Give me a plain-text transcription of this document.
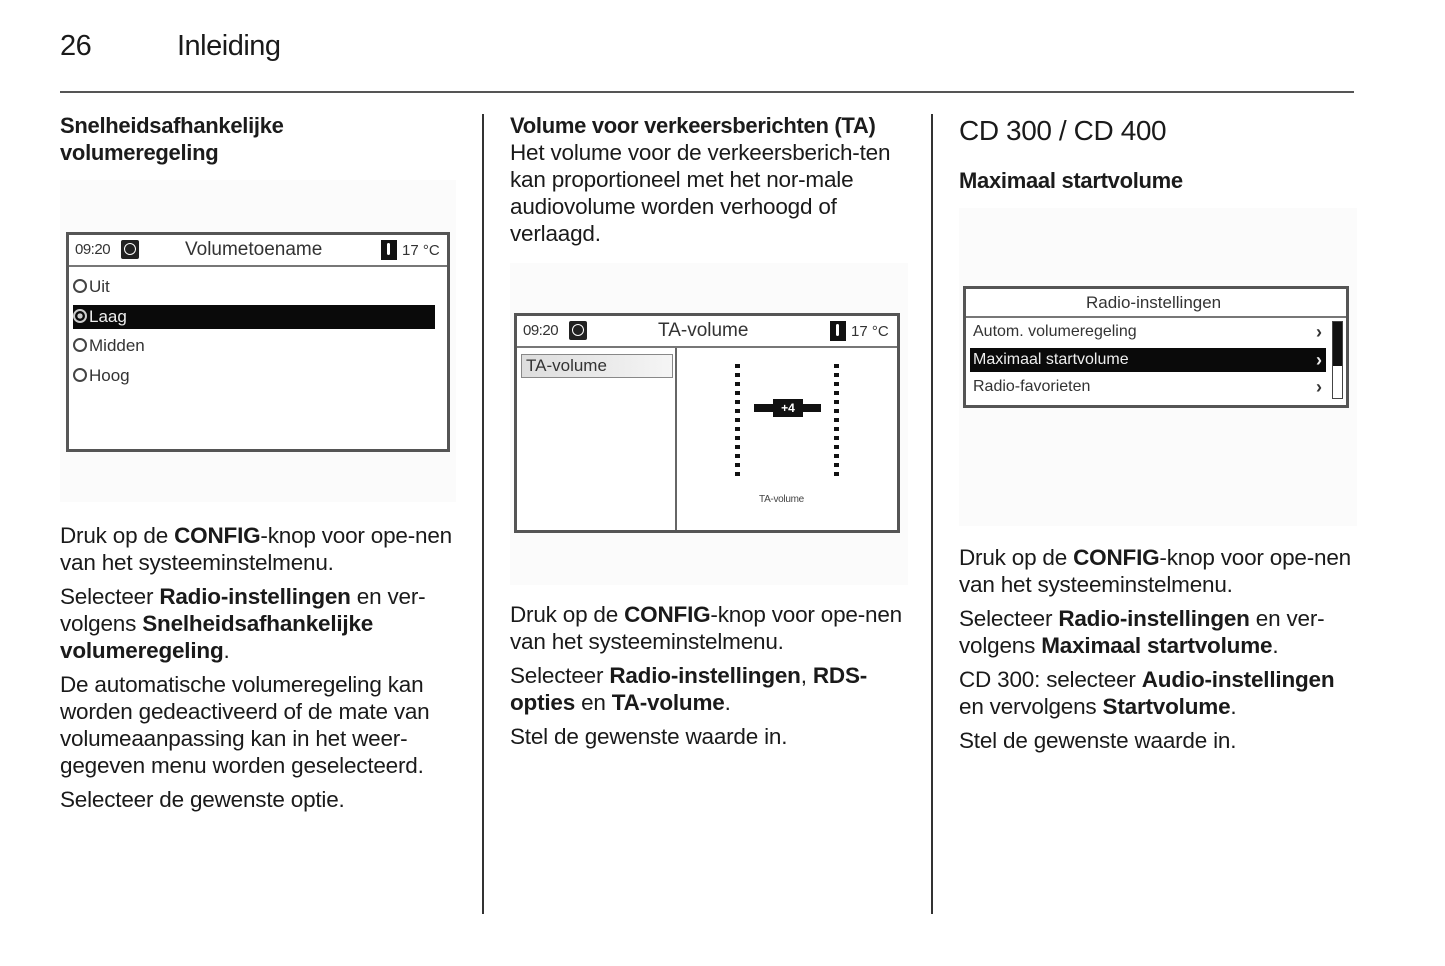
26	Inleiding
Snelheidsafhankelijke
volumeregeling
09:20	Volumetoename	17 °C
Uit
Laag
Midden
Hoog

Druk op de CONFIG-knop voor ope-nen van het systeeminstelmenu.

Selecteer Radio-instellingen en ver-volgens Snelheidsafhankelijke volumeregeling.

De automatische volumeregeling kan worden gedeactiveerd of de mate van volumeaanpassing kan in het weer-gegeven menu worden geselecteerd.

Selecteer de gewenste optie.

Volume voor verkeersberichten (TA)

Het volume voor de verkeersberich-ten kan proportioneel met het nor-male audiovolume worden verhoogd of verlaagd.

09:20	TA-volume	17 °C
TA-volume
+4
TA-volume

Druk op de CONFIG-knop voor ope-nen van het systeeminstelmenu.

Selecteer Radio-instellingen, RDS-opties en TA-volume.

Stel de gewenste waarde in.

CD 300 / CD 400
Maximaal startvolume
Radio-instellingen
Autom. volumeregeling	›
Maximaal startvolume	›
Radio-favorieten	›

Druk op de CONFIG-knop voor ope-nen van het systeeminstelmenu.

Selecteer Radio-instellingen en ver-volgens Maximaal startvolume.

CD 300: selecteer Audio-instellingen en vervolgens Startvolume.

Stel de gewenste waarde in.
